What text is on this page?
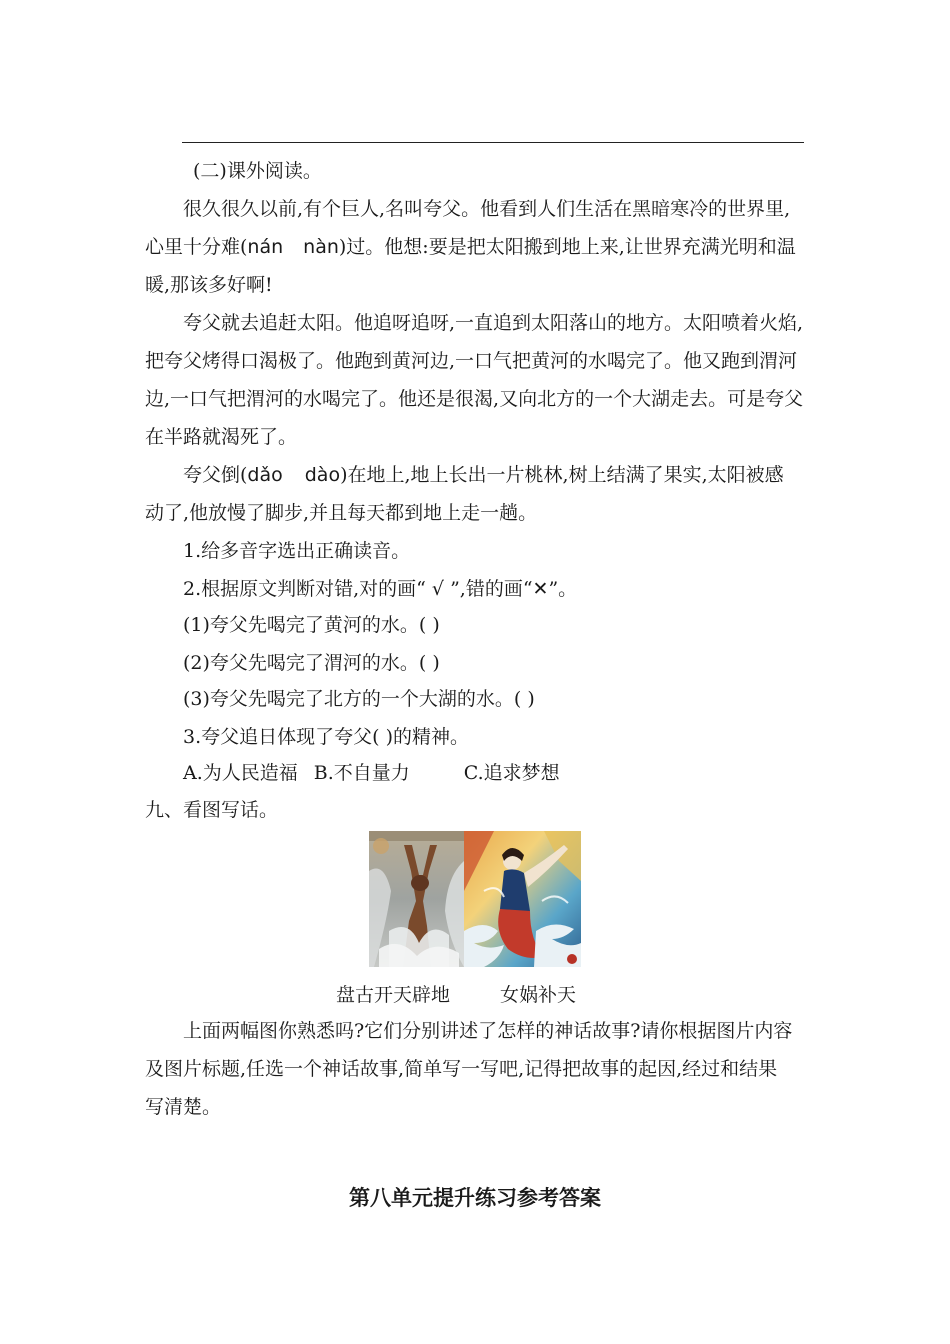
(二)课外阅读。
很久很久以前,有个巨人,名叫夸父。他看到人们生活在黑暗寒冷的世界里,
心里十分难(nán nàn)过。他想:要是把太阳搬到地上来,让世界充满光明和温
暖,那该多好啊!
夸父就去追赶太阳。他追呀追呀,一直追到太阳落山的地方。太阳喷着火焰,
把夸父烤得口渴极了。他跑到黄河边,一口气把黄河的水喝完了。他又跑到渭河
边,一口气把渭河的水喝完了。他还是很渴,又向北方的一个大湖走去。可是夸父
在半路就渴死了。
夸父倒(dǎo dào)在地上,地上长出一片桃林,树上结满了果实,太阳被感
动了,他放慢了脚步,并且每天都到地上走一趟。
1.给多音字选出正确读音。
2.根据原文判断对错,对的画“ √ ”,错的画“✕”。
(1)夸父先喝完了黄河的水。( )
(2)夸父先喝完了渭河的水。( )
(3)夸父先喝完了北方的一个大湖的水。( )
3.夸父追日体现了夸父( )的精神。
A.为人民造福 B.不自量力	C.追求梦想
九、看图写话。
盘古开天辟地	女娲补天
上面两幅图你熟悉吗?它们分别讲述了怎样的神话故事?请你根据图片内容
及图片标题,任选一个神话故事,简单写一写吧,记得把故事的起因,经过和结果
写清楚。
第八单元提升练习参考答案
